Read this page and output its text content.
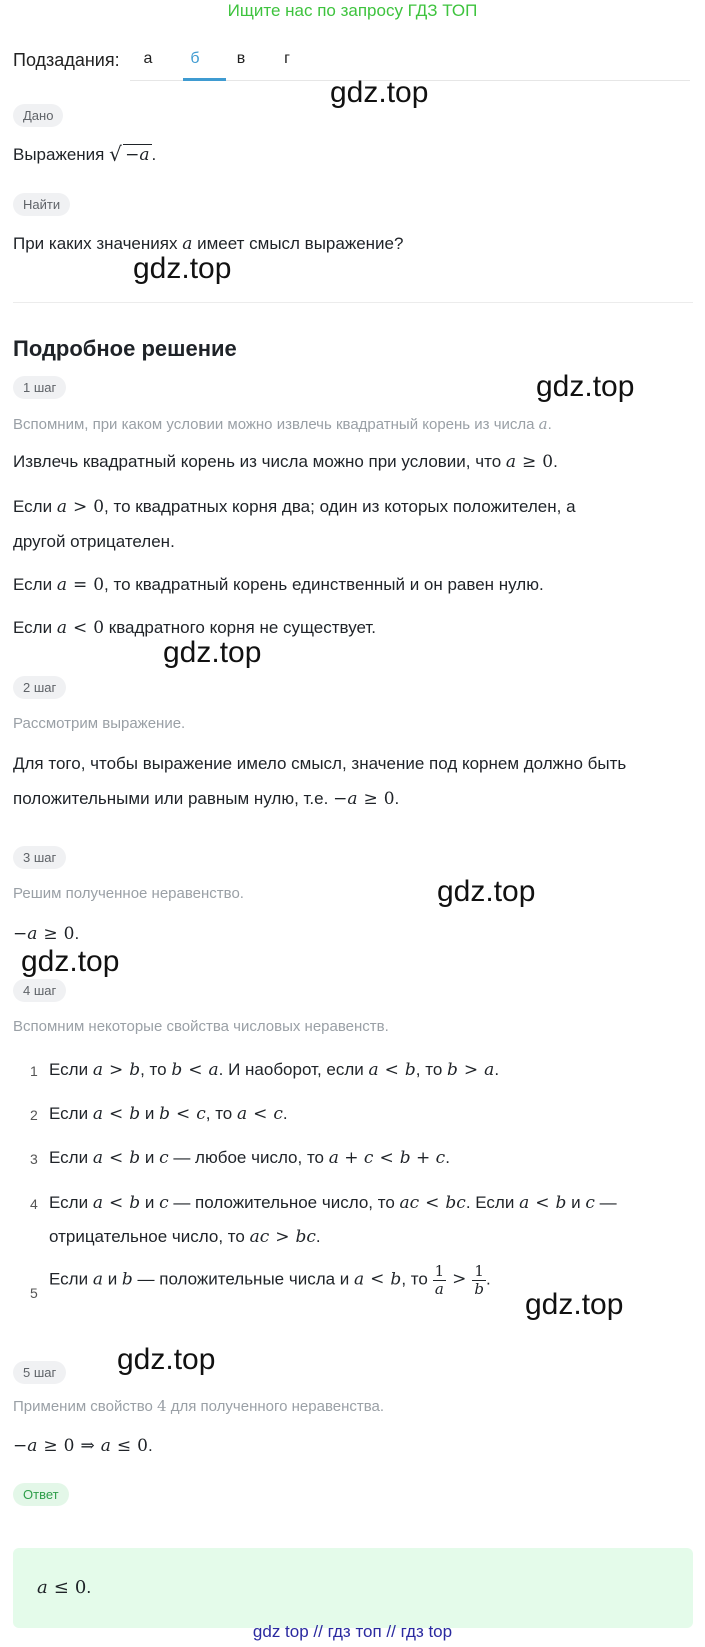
Ищите нас по запросу ГДЗ ТОП
Подзадания:	а	б	в	г
Дано
gdz.top
Выражения √ −a .
Найти
При каких значениях a имеет смысл выражение?
gdz.top
Подробное решение
1 шаг	gdz.top
Вспомним, при каком условии можно извлечь квадратный корень из числа a.
Извлечь квадратный корень из числа можно при условии, что a ≥ 0.
Если a > 0, то квадратных корня два; один из которых положителен, а
другой отрицателен.
Если a = 0, то квадратный корень единственный и он равен нулю.
Если a < 0 квадратного корня не существует.
gdz.top
2 шаг
Рассмотрим выражение.
Для того, чтобы выражение имело смысл, значение под корнем должно быть
положительными или равным нулю, т.е. −a ≥ 0.
3 шаг
Решим полученное неравенство.	gdz.top
−a ≥ 0.
gdz.top
4 шаг
Вспомним некоторые свойства числовых неравенств.
1 Если a > b, то b < a. И наоборот, если a < b, то b > a.
2 Если a < b и b < c, то a < c.
3 Если a < b и c — любое число, то a + c < b + c.
4 Если a < b и c — положительное число, то ac < bc. Если a < b и c —
отрицательное число, то ac > bc.
5
Если a и b — положительные числа и a < b, то $\frac{1}{a} > \frac{1}{b}$ .
gdz.top
5 шаг	gdz.top
Применим свойство 4 для полученного неравенства.
−a ≥ 0 ⇒ a ≤ 0.
Ответ
a ≤ 0.
gdz top // гдз топ // гдз top
